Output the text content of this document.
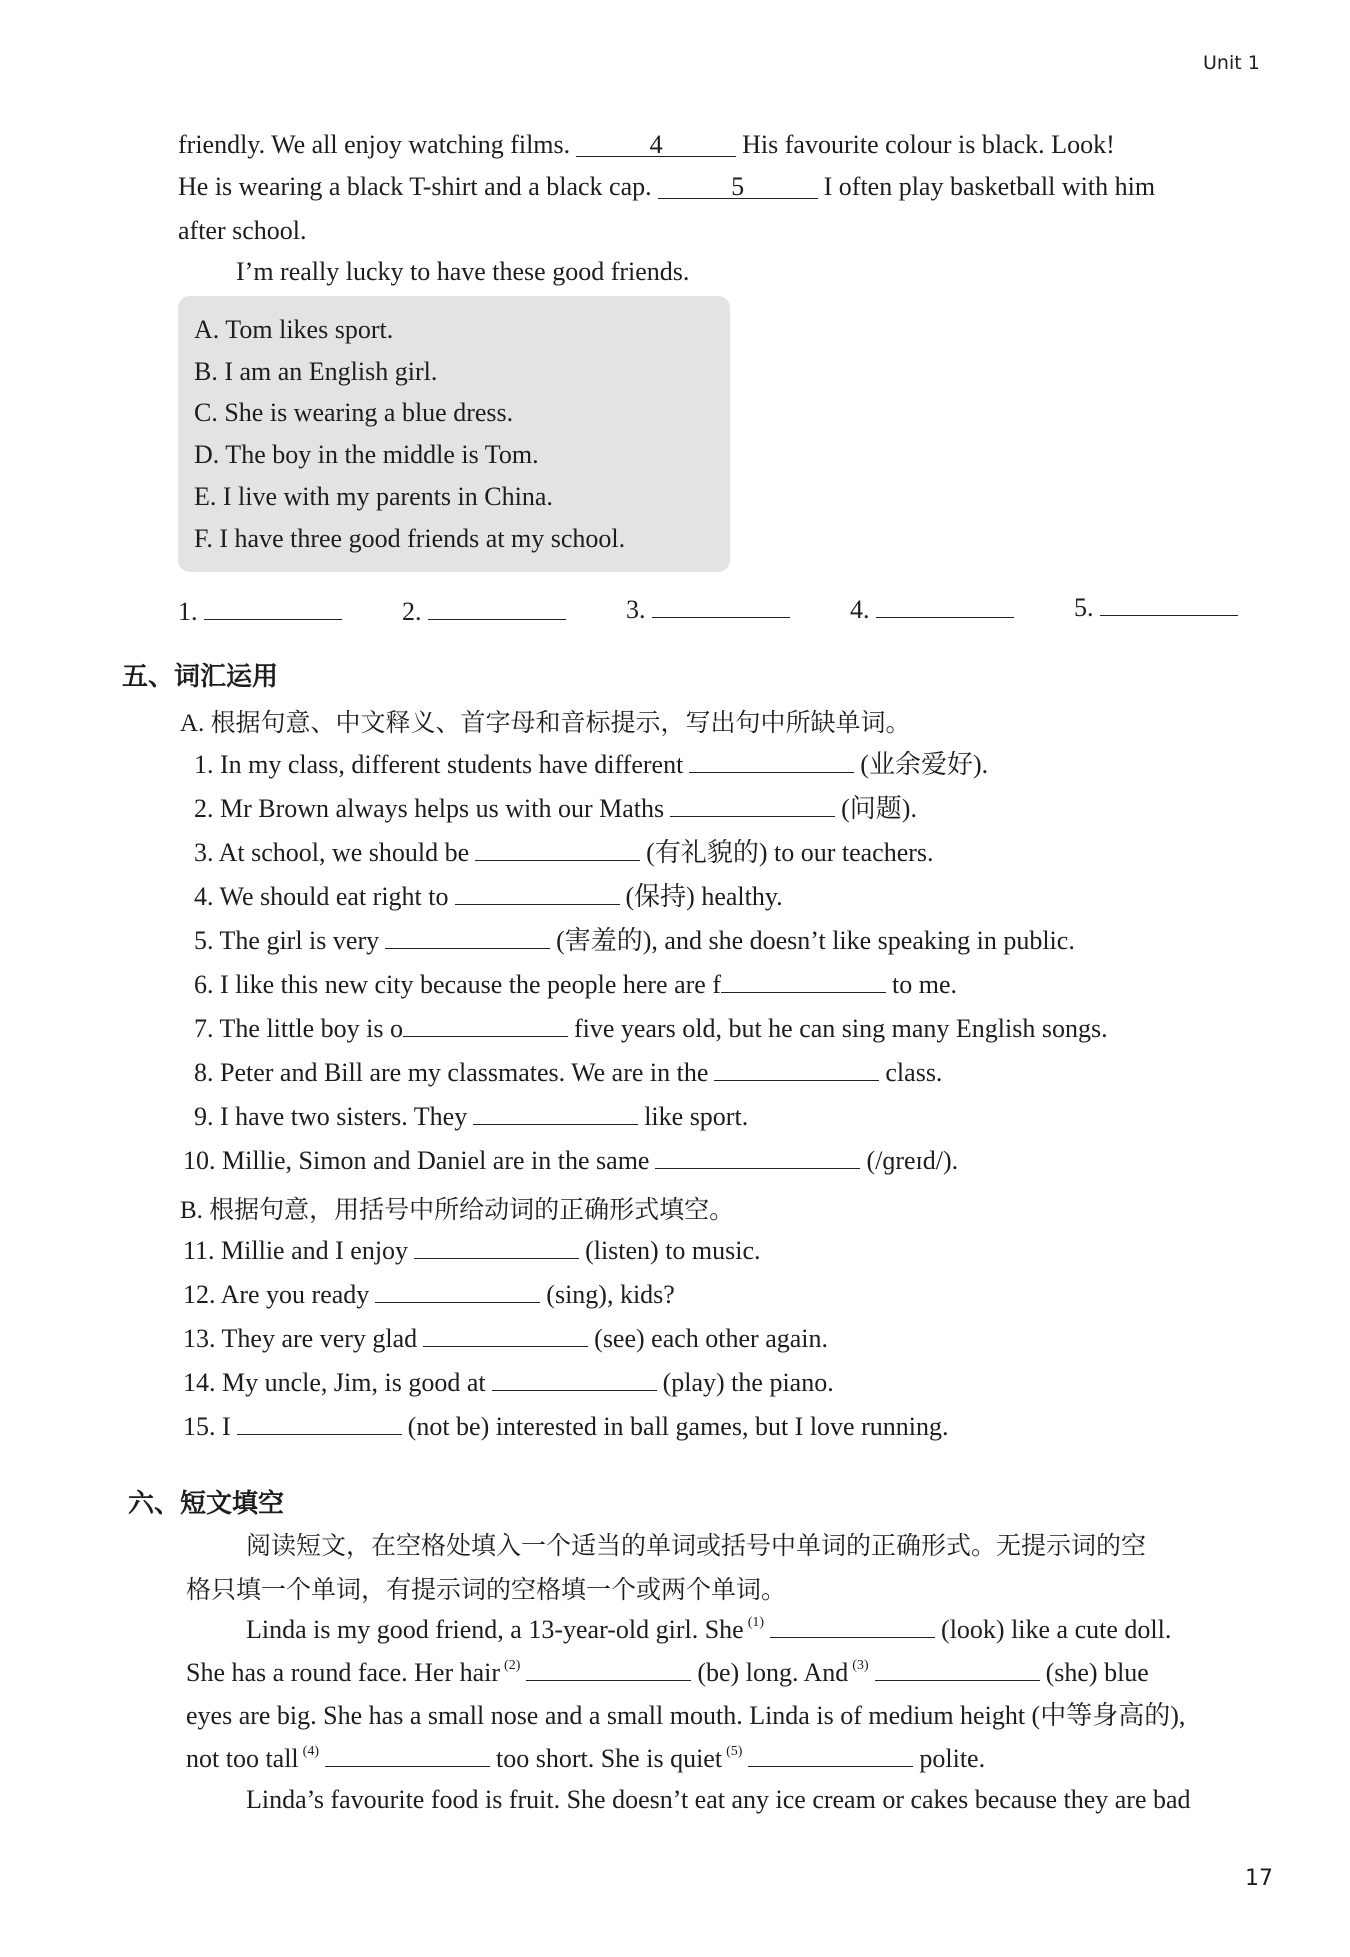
Unit 1
17
friendly. We all enjoy watching films.	4	His favourite colour is black. Look!
He is wearing a black T-shirt and a black cap.	5	I often play basketball with him
after school.
I’m really lucky to have these good friends.
A. Tom likes sport.
B. I am an English girl.
C. She is wearing a blue dress.
D. The boy in the middle is Tom.
E. I live with my parents in China.
F. I have three good friends at my school.
1.	2.	3.	4.	5.
五、词汇运用
A. 根据句意、中文释义、首字母和音标提示，写出句中所缺单词。
1. In my class, different students have different	(业余爱好).
2. Mr Brown always helps us with our Maths	(问题).
3. At school, we should be	(有礼貌的) to our teachers.
4. We should eat right to	(保持) healthy.
5. The girl is very	(害羞的), and she doesn’t like speaking in public.
6. I like this new city because the people here are f	to me.
7. The little boy is o	five years old, but he can sing many English songs.
8. Peter and Bill are my classmates. We are in the	class.
9. I have two sisters. They	like sport.
10. Millie, Simon and Daniel are in the same	(/ɡreɪd/).
B. 根据句意，用括号中所给动词的正确形式填空。
11. Millie and I enjoy	(listen) to music.
12. Are you ready	(sing), kids?
13. They are very glad	(see) each other again.
14. My uncle, Jim, is good at	(play) the piano.
15. I	(not be) interested in ball games, but I love running.
六、短文填空
阅读短文，在空格处填入一个适当的单词或括号中单词的正确形式。无提示词的空
格只填一个单词，有提示词的空格填一个或两个单词。
Linda is my good friend, a 13-year-old girl. She $^{(1)}$	(look) like a cute doll.
She has a round face. Her hair $^{(2)}$	(be) long. And $^{(3)}$	(she) blue
eyes are big. She has a small nose and a small mouth. Linda is of medium height (中等身高的),
not too tall $^{(4)}$	too short. She is quiet $^{(5)}$	polite.
Linda’s favourite food is fruit. She doesn’t eat any ice cream or cakes because they are bad
